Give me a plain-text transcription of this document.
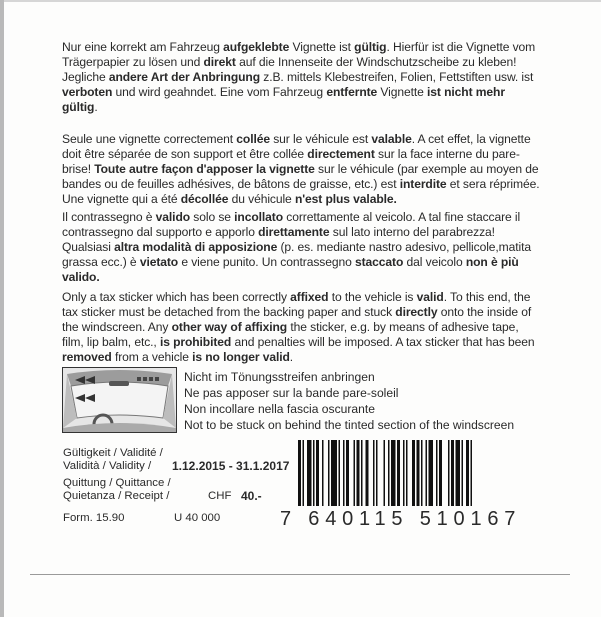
Nur eine korrekt am Fahrzeug aufgeklebte Vignette ist gültig. Hierfür ist die Vignette vom Trägerpapier zu lösen und direkt auf die Innenseite der Windschutzscheibe zu kleben! Jegliche andere Art der Anbringung z.B. mittels Klebestreifen, Folien, Fettstiften usw. ist verboten und wird geahndet. Eine vom Fahrzeug entfernte Vignette ist nicht mehr gültig.
Seule une vignette correctement collée sur le véhicule est valable. A cet effet, la vignette doit être séparée de son support et être collée directement sur la face interne du pare-brise! Toute autre façon d'apposer la vignette sur le véhicule (par exemple au moyen de bandes ou de feuilles adhésives, de bâtons de graisse, etc.) est interdite et sera réprimée. Une vignette qui a été décollée du véhicule n'est plus valable.
Il contrassegno è valido solo se incollato correttamente al veicolo. A tal fine staccare il contrassegno dal supporto e apporlo direttamente sul lato interno del parabrezza! Qualsiasi altra modalità di apposizione (p. es. mediante nastro adesivo, pellicole,matita grassa ecc.) è vietato e viene punito. Un contrassegno staccato dal veicolo non è più valido.
Only a tax sticker which has been correctly affixed to the vehicle is valid. To this end, the tax sticker must be detached from the backing paper and stuck directly onto the inside of the windscreen. Any other way of affixing the sticker, e.g. by means of adhesive tape, film, lip balm, etc., is prohibited and penalties will be imposed. A tax sticker that has been removed from a vehicle is no longer valid.
Nicht im Tönungsstreifen anbringen
Ne pas apposer sur la bande pare-soleil
Non incollare nella fascia oscurante
Not to be stuck on behind the tinted section of the windscreen
Gültigkeit / Validité /
Validità / Validity / 1.12.2015 - 31.1.2017
Quittung / Quittance /
Quietanza / Receipt /	CHF 40.-
Form. 15.90	U 40 000	7 640115 510167
